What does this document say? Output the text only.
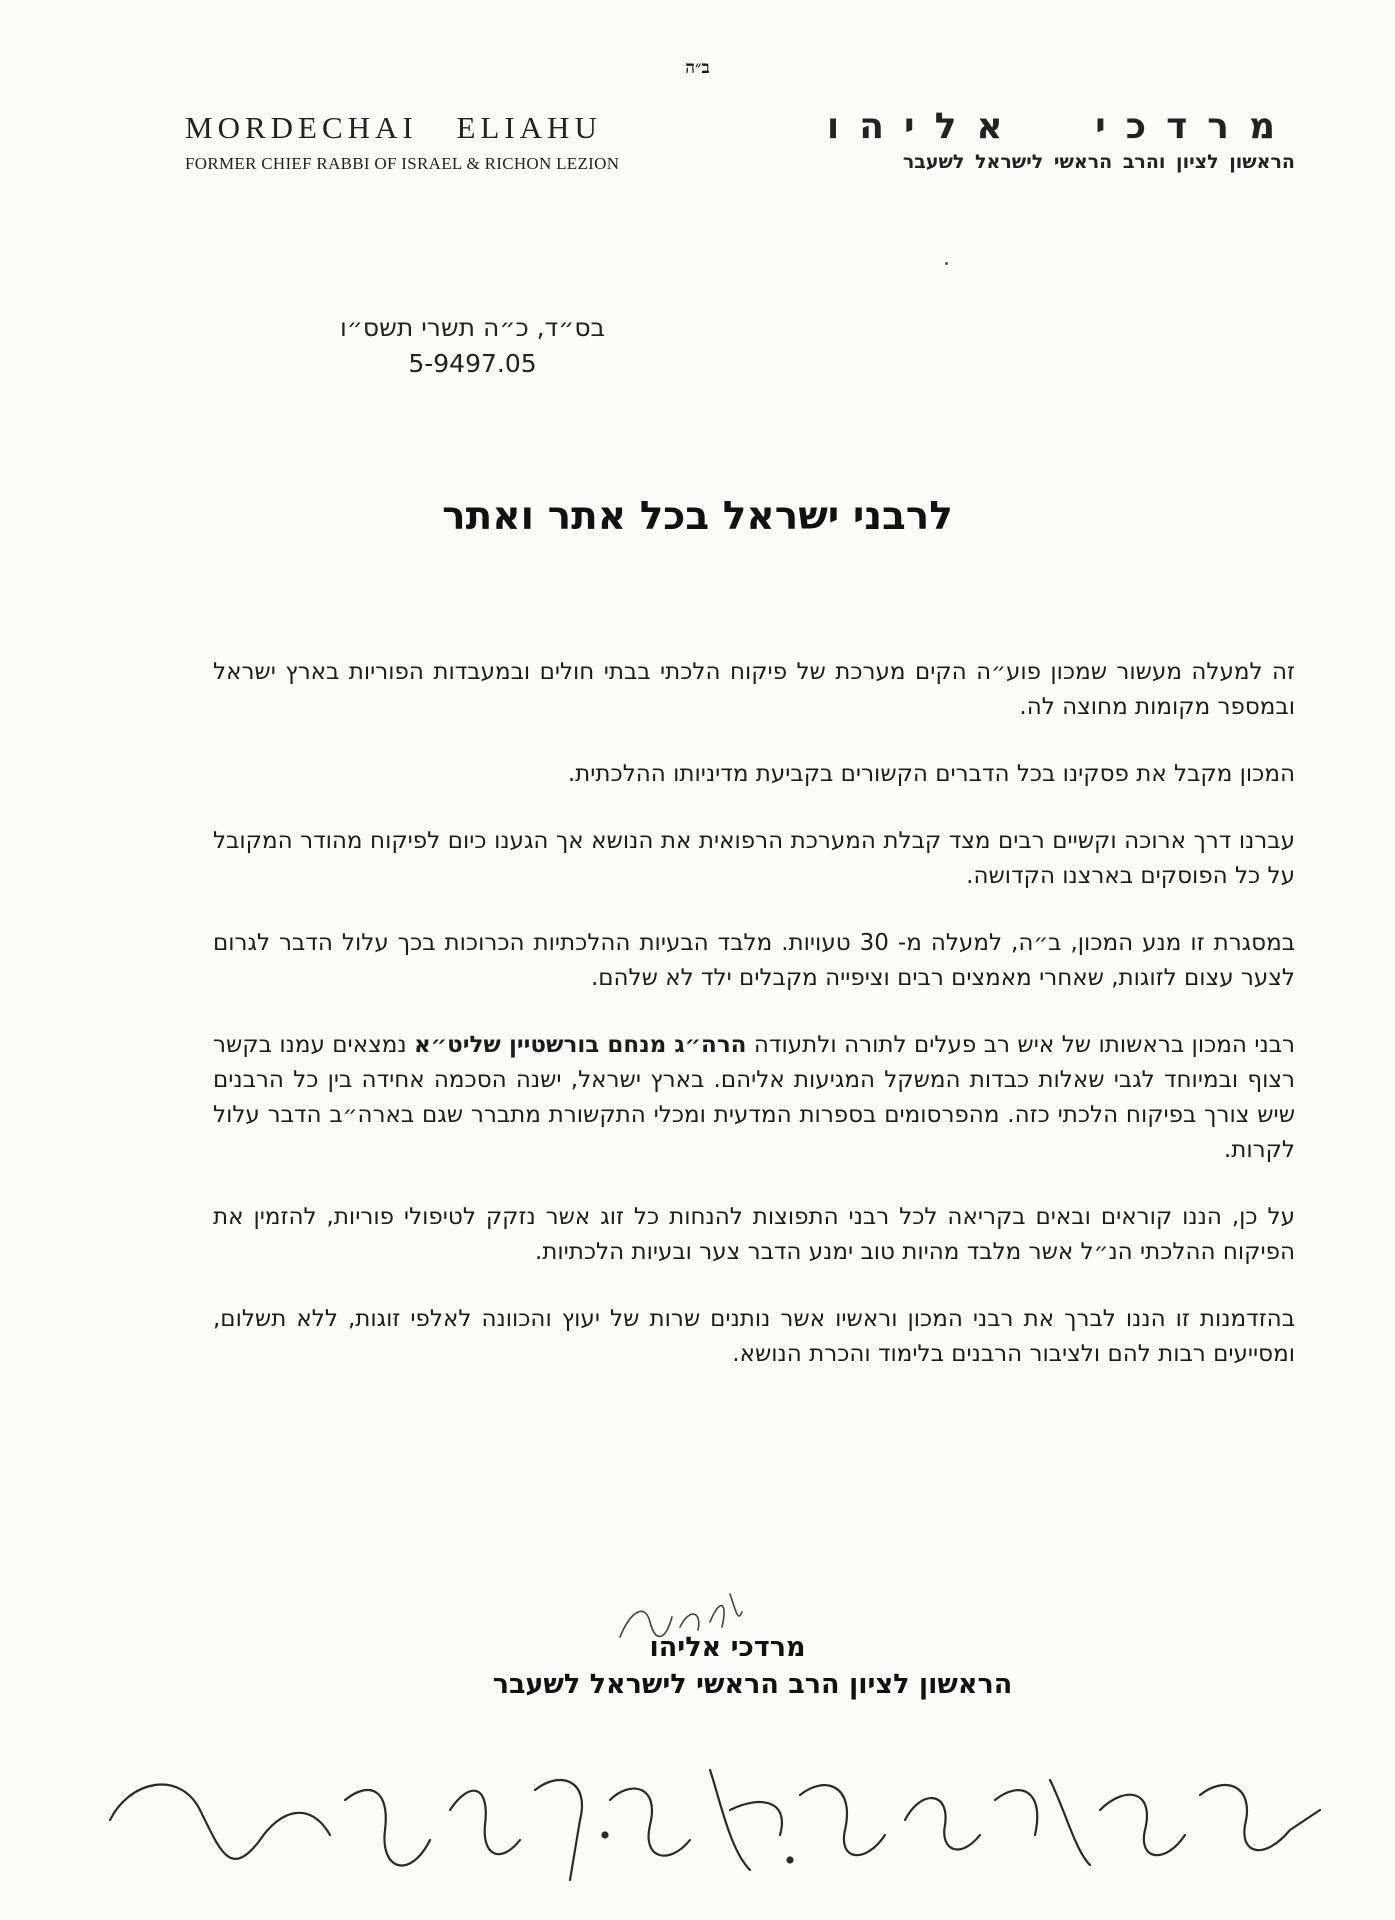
ב״ה
MORDECHAI ELIAHU
FORMER CHIEF RABBI OF ISRAEL & RICHON LEZION
מרדכי אליהו
הראשון לציון והרב הראשי לישראל לשעבר
בס״ד, כ״ה תשרי תשס״ו
5-9497.05
לרבני ישראל בכל אתר ואתר

זה למעלה מעשור שמכון פוע״ה הקים מערכת של פיקוח הלכתי בבתי חולים ובמעבדות הפוריות בארץ ישראל ובמספר מקומות מחוצה לה.

המכון מקבל את פסקינו בכל הדברים הקשורים בקביעת מדיניותו ההלכתית.

עברנו דרך ארוכה וקשיים רבים מצד קבלת המערכת הרפואית את הנושא אך הגענו כיום לפיקוח מהודר המקובל על כל הפוסקים בארצנו הקדושה.

במסגרת זו מנע המכון, ב״ה, למעלה מ- 30 טעויות. מלבד הבעיות ההלכתיות הכרוכות בכך עלול הדבר לגרום לצער עצום לזוגות, שאחרי מאמצים רבים וציפייה מקבלים ילד לא שלהם.

רבני המכון בראשותו של איש רב פעלים לתורה ולתעודה הרה״ג מנחם בורשטיין שליט״א נמצאים עמנו בקשר רצוף ובמיוחד לגבי שאלות כבדות המשקל המגיעות אליהם. בארץ ישראל, ישנה הסכמה אחידה בין כל הרבנים שיש צורך בפיקוח הלכתי כזה. מהפרסומים בספרות המדעית ומכלי התקשורת מתברר שגם בארה״ב הדבר עלול לקרות.

על כן, הננו קוראים ובאים בקריאה לכל רבני התפוצות להנחות כל זוג אשר נזקק לטיפולי פוריות, להזמין את הפיקוח ההלכתי הנ״ל אשר מלבד מהיות טוב ימנע הדבר צער ובעיות הלכתיות.

בהזדמנות זו הננו לברך את רבני המכון וראשיו אשר נותנים שרות של יעוץ והכוונה לאלפי זוגות, ללא תשלום, ומסייעים רבות להם ולציבור הרבנים בלימוד והכרת הנושא.

מרדכי אליהו
הראשון לציון הרב הראשי לישראל לשעבר
